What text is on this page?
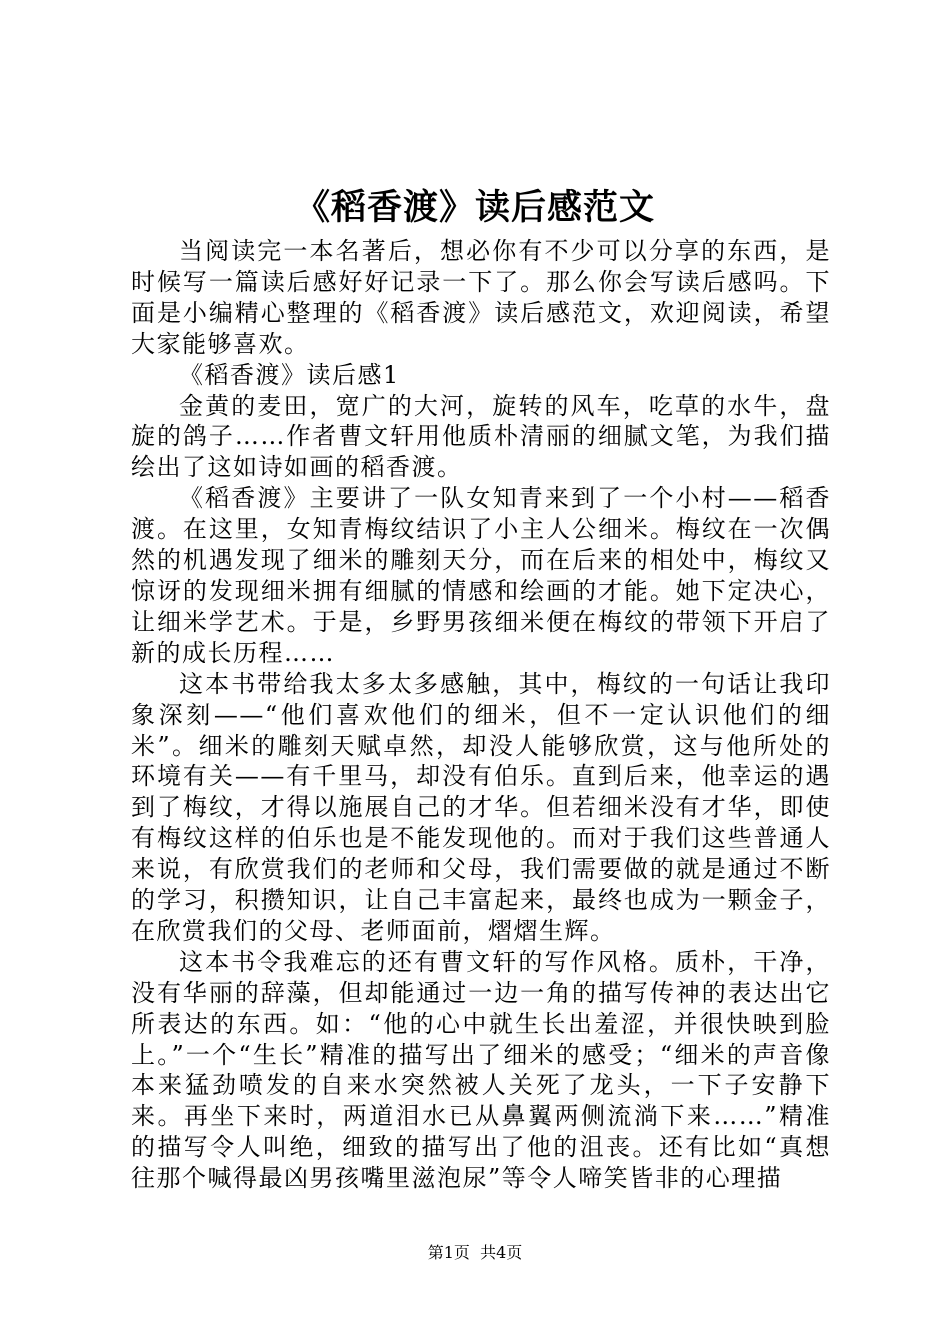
《稻香渡》读后感范文

当阅读完一本名著后，想必你有不少可以分享的东西，是时候写一篇读后感好好记录一下了。那么你会写读后感吗。下面是小编精心整理的《稻香渡》读后感范文，欢迎阅读，希望大家能够喜欢。

《稻香渡》读后感1

金黄的麦田，宽广的大河，旋转的风车，吃草的水牛，盘旋的鸽子……作者曹文轩用他质朴清丽的细腻文笔，为我们描绘出了这如诗如画的稻香渡。

《稻香渡》主要讲了一队女知青来到了一个小村——稻香渡。在这里，女知青梅纹结识了小主人公细米。梅纹在一次偶然的机遇发现了细米的雕刻天分，而在后来的相处中，梅纹又惊讶的发现细米拥有细腻的情感和绘画的才能。她下定决心，让细米学艺术。于是，乡野男孩细米便在梅纹的带领下开启了新的成长历程……

这本书带给我太多太多感触，其中，梅纹的一句话让我印象深刻——“他们喜欢他们的细米，但不一定认识他们的细米”。细米的雕刻天赋卓然，却没人能够欣赏，这与他所处的环境有关——有千里马，却没有伯乐。直到后来，他幸运的遇到了梅纹，才得以施展自己的才华。但若细米没有才华，即使有梅纹这样的伯乐也是不能发现他的。而对于我们这些普通人来说，有欣赏我们的老师和父母，我们需要做的就是通过不断的学习，积攒知识，让自己丰富起来，最终也成为一颗金子，在欣赏我们的父母、老师面前，熠熠生辉。

这本书令我难忘的还有曹文轩的写作风格。质朴，干净，没有华丽的辞藻，但却能通过一边一角的描写传神的表达出它所表达的东西。如：“他的心中就生长出羞涩，并很快映到脸上。”一个“生长”精准的描写出了细米的感受；“细米的声音像本来猛劲喷发的自来水突然被人关死了龙头，一下子安静下来。再坐下来时，两道泪水已从鼻翼两侧流淌下来……”精准的描写令人叫绝，细致的描写出了他的沮丧。还有比如“真想往那个喊得最凶男孩嘴里滋泡尿”等令人啼笑皆非的心理描

第1页  共4页
